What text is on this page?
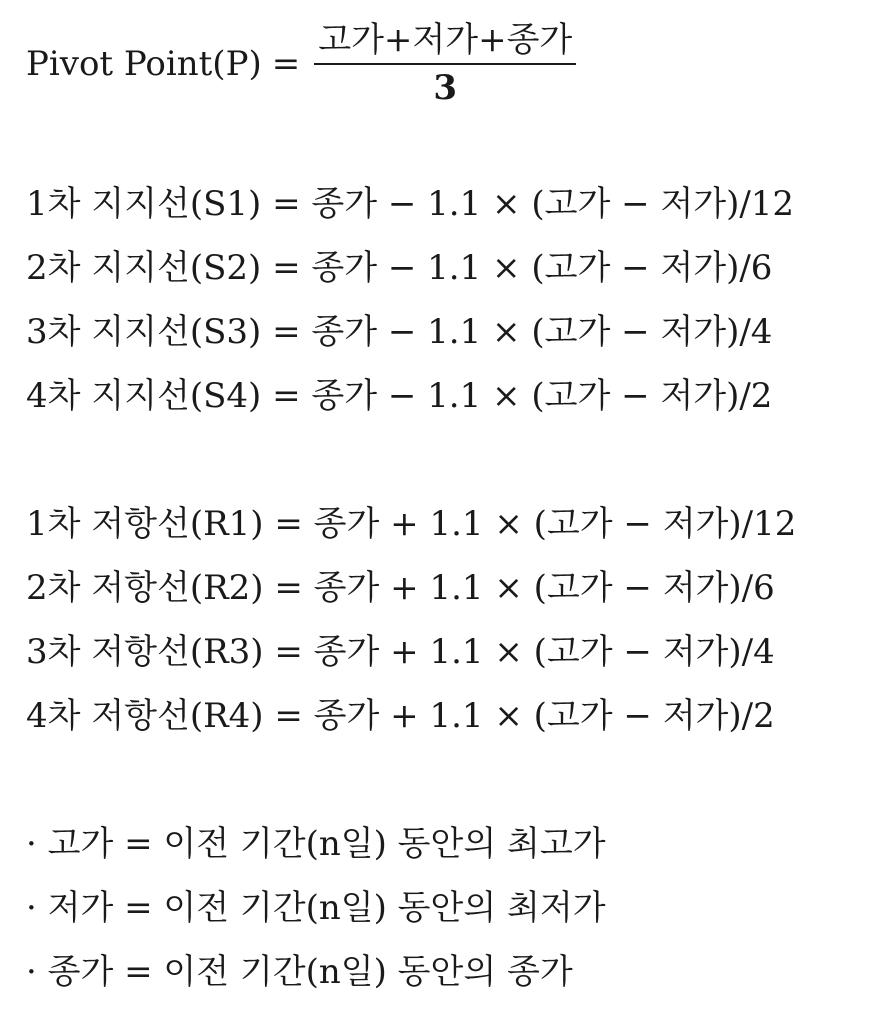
Pivot Point(P) = $\frac{\text{고가+저가+종가}}{3}$
1차 지지선(S1) = 종가 − 1.1 × (고가 − 저가)/12
2차 지지선(S2) = 종가 − 1.1 × (고가 − 저가)/6
3차 지지선(S3) = 종가 − 1.1 × (고가 − 저가)/4
4차 지지선(S4) = 종가 − 1.1 × (고가 − 저가)/2
1차 저항선(R1) = 종가 + 1.1 × (고가 − 저가)/12
2차 저항선(R2) = 종가 + 1.1 × (고가 − 저가)/6
3차 저항선(R3) = 종가 + 1.1 × (고가 − 저가)/4
4차 저항선(R4) = 종가 + 1.1 × (고가 − 저가)/2
· 고가 = 이전 기간(n일) 동안의 최고가
· 저가 = 이전 기간(n일) 동안의 최저가
· 종가 = 이전 기간(n일) 동안의 종가
